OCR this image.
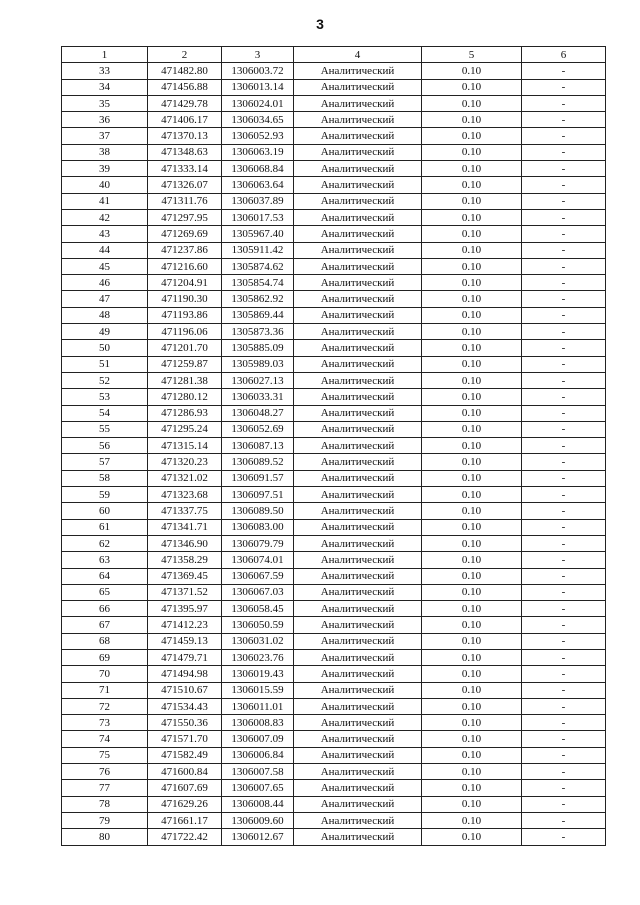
3
1	2	3	4	5	6
33	471482.80	1306003.72	Аналитический	0.10	-
34	471456.88	1306013.14	Аналитический	0.10	-
35	471429.78	1306024.01	Аналитический	0.10	-
36	471406.17	1306034.65	Аналитический	0.10	-
37	471370.13	1306052.93	Аналитический	0.10	-
38	471348.63	1306063.19	Аналитический	0.10	-
39	471333.14	1306068.84	Аналитический	0.10	-
40	471326.07	1306063.64	Аналитический	0.10	-
41	471311.76	1306037.89	Аналитический	0.10	-
42	471297.95	1306017.53	Аналитический	0.10	-
43	471269.69	1305967.40	Аналитический	0.10	-
44	471237.86	1305911.42	Аналитический	0.10	-
45	471216.60	1305874.62	Аналитический	0.10	-
46	471204.91	1305854.74	Аналитический	0.10	-
47	471190.30	1305862.92	Аналитический	0.10	-
48	471193.86	1305869.44	Аналитический	0.10	-
49	471196.06	1305873.36	Аналитический	0.10	-
50	471201.70	1305885.09	Аналитический	0.10	-
51	471259.87	1305989.03	Аналитический	0.10	-
52	471281.38	1306027.13	Аналитический	0.10	-
53	471280.12	1306033.31	Аналитический	0.10	-
54	471286.93	1306048.27	Аналитический	0.10	-
55	471295.24	1306052.69	Аналитический	0.10	-
56	471315.14	1306087.13	Аналитический	0.10	-
57	471320.23	1306089.52	Аналитический	0.10	-
58	471321.02	1306091.57	Аналитический	0.10	-
59	471323.68	1306097.51	Аналитический	0.10	-
60	471337.75	1306089.50	Аналитический	0.10	-
61	471341.71	1306083.00	Аналитический	0.10	-
62	471346.90	1306079.79	Аналитический	0.10	-
63	471358.29	1306074.01	Аналитический	0.10	-
64	471369.45	1306067.59	Аналитический	0.10	-
65	471371.52	1306067.03	Аналитический	0.10	-
66	471395.97	1306058.45	Аналитический	0.10	-
67	471412.23	1306050.59	Аналитический	0.10	-
68	471459.13	1306031.02	Аналитический	0.10	-
69	471479.71	1306023.76	Аналитический	0.10	-
70	471494.98	1306019.43	Аналитический	0.10	-
71	471510.67	1306015.59	Аналитический	0.10	-
72	471534.43	1306011.01	Аналитический	0.10	-
73	471550.36	1306008.83	Аналитический	0.10	-
74	471571.70	1306007.09	Аналитический	0.10	-
75	471582.49	1306006.84	Аналитический	0.10	-
76	471600.84	1306007.58	Аналитический	0.10	-
77	471607.69	1306007.65	Аналитический	0.10	-
78	471629.26	1306008.44	Аналитический	0.10	-
79	471661.17	1306009.60	Аналитический	0.10	-
80	471722.42	1306012.67	Аналитический	0.10	-
